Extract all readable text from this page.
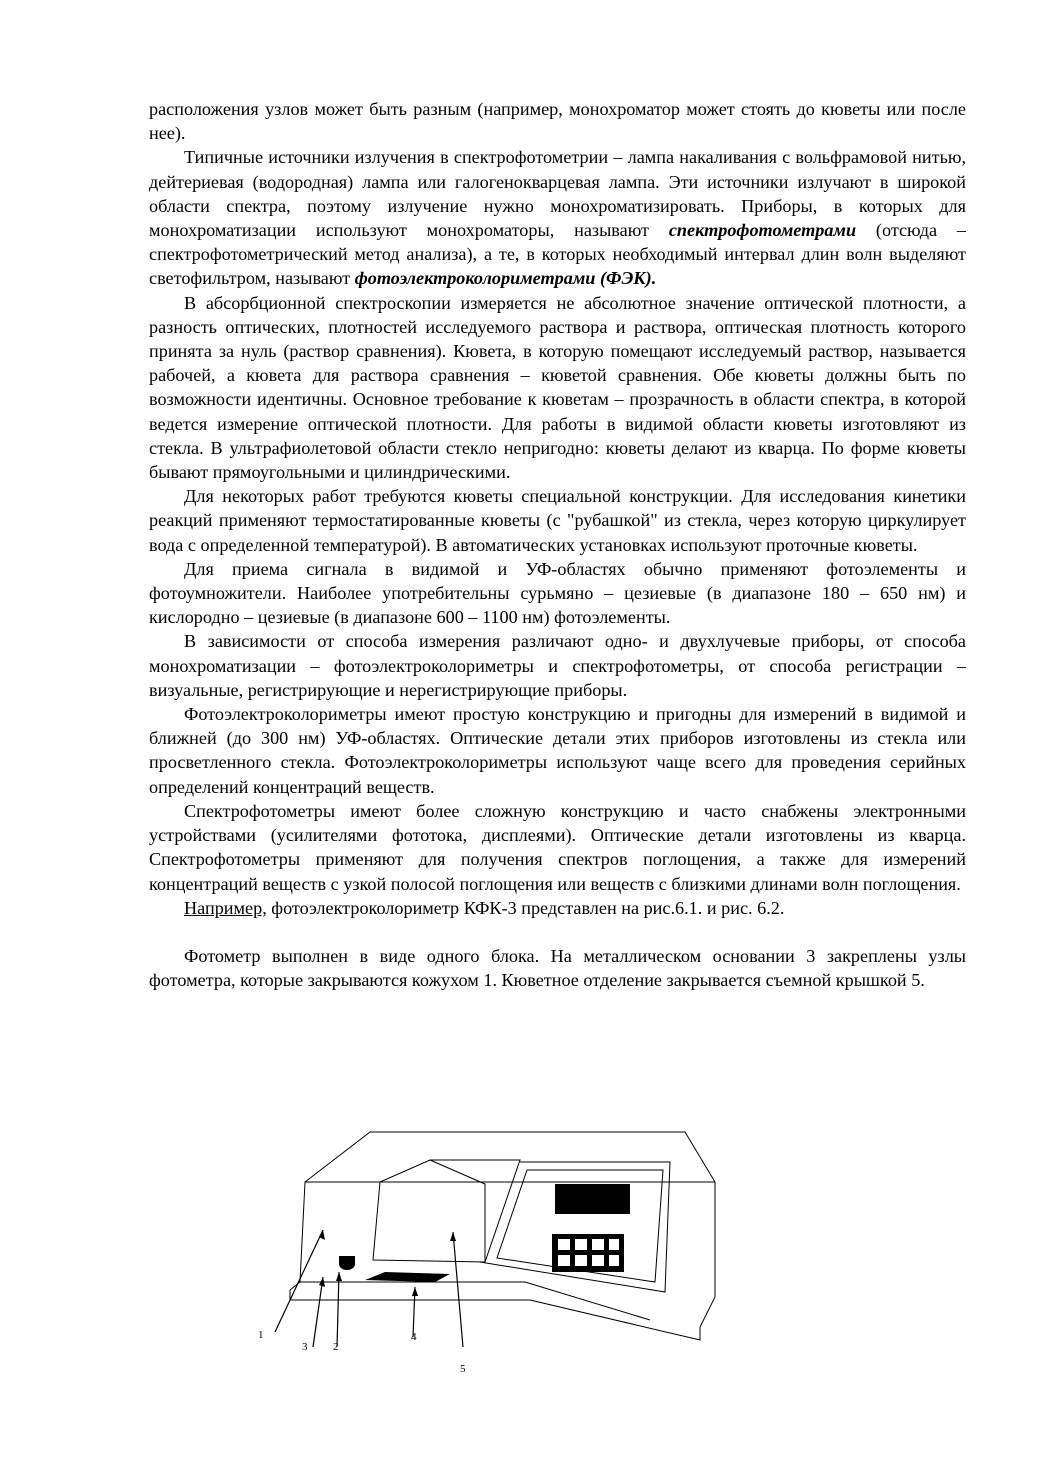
расположения узлов может быть разным (например, монохроматор может стоять до кюветы или после нее).

Типичные источники излучения в спектрофотометрии – лампа накаливания с вольфрамовой нитью, дейтериевая (водородная) лампа или галогенокварцевая лампа. Эти источники излучают в широкой области спектра, поэтому излучение нужно монохроматизировать. Приборы, в которых для монохроматизации используют монохроматоры, называют спектрофотометрами (отсюда – спектрофотометрический метод анализа), а те, в которых необходимый интервал длин волн выделяют светофильтром, называют фотоэлектроколориметрами (ФЭК).

В абсорбционной спектроскопии измеряется не абсолютное значение оптической плотности, а разность оптических, плотностей исследуемого раствора и раствора, оптическая плотность которого принята за нуль (раствор сравнения). Кювета, в которую помещают исследуемый раствор, называется рабочей, а кювета для раствора сравнения – кюветой сравнения. Обе кюветы должны быть по возможности идентичны. Основное требование к кюветам – прозрачность в области спектра, в которой ведется измерение оптической плотности. Для работы в видимой области кюветы изготовляют из стекла. В ультрафиолетовой области стекло непригодно: кюветы делают из кварца. По форме кюветы бывают прямоугольными и цилиндрическими.

Для некоторых работ требуются кюветы специальной конструкции. Для исследования кинетики реакций применяют термостатированные кюветы (с "рубашкой" из стекла, через которую циркулирует вода с определенной температурой). В автоматических установках используют проточные кюветы.

Для приема сигнала в видимой и УФ-областях обычно применяют фотоэлементы и фотоумножители. Наиболее употребительны сурьмяно – цезиевые (в диапазоне 180 – 650 нм) и кислородно – цезиевые (в диапазоне 600 – 1100 нм) фотоэлементы.

В зависимости от способа измерения различают одно- и двухлучевые приборы, от способа монохроматизации – фотоэлектроколориметры и спектрофотометры, от способа регистрации – визуальные, регистрирующие и нерегистрирующие приборы.

Фотоэлектроколориметры имеют простую конструкцию и пригодны для измерений в видимой и ближней (до 300 нм) УФ-областях. Оптические детали этих приборов изготовлены из стекла или просветленного стекла. Фотоэлектроколориметры используют чаще всего для проведения серийных определений концентраций веществ.

Спектрофотометры имеют более сложную конструкцию и часто снабжены электронными устройствами (усилителями фототока, дисплеями). Оптические детали изготовлены из кварца. Спектрофотометры применяют для получения спектров поглощения, а также для измерений концентраций веществ с узкой полосой поглощения или веществ с близкими длинами волн поглощения.

Например, фотоэлектроколориметр КФК-3 представлен на рис.6.1. и рис. 6.2.

Фотометр выполнен в виде одного блока. На металлическом основании 3 закреплены узлы фотометра, которые закрываются кожухом 1. Кюветное отделение закрывается съемной крышкой 5.

1
3 2
4
5
